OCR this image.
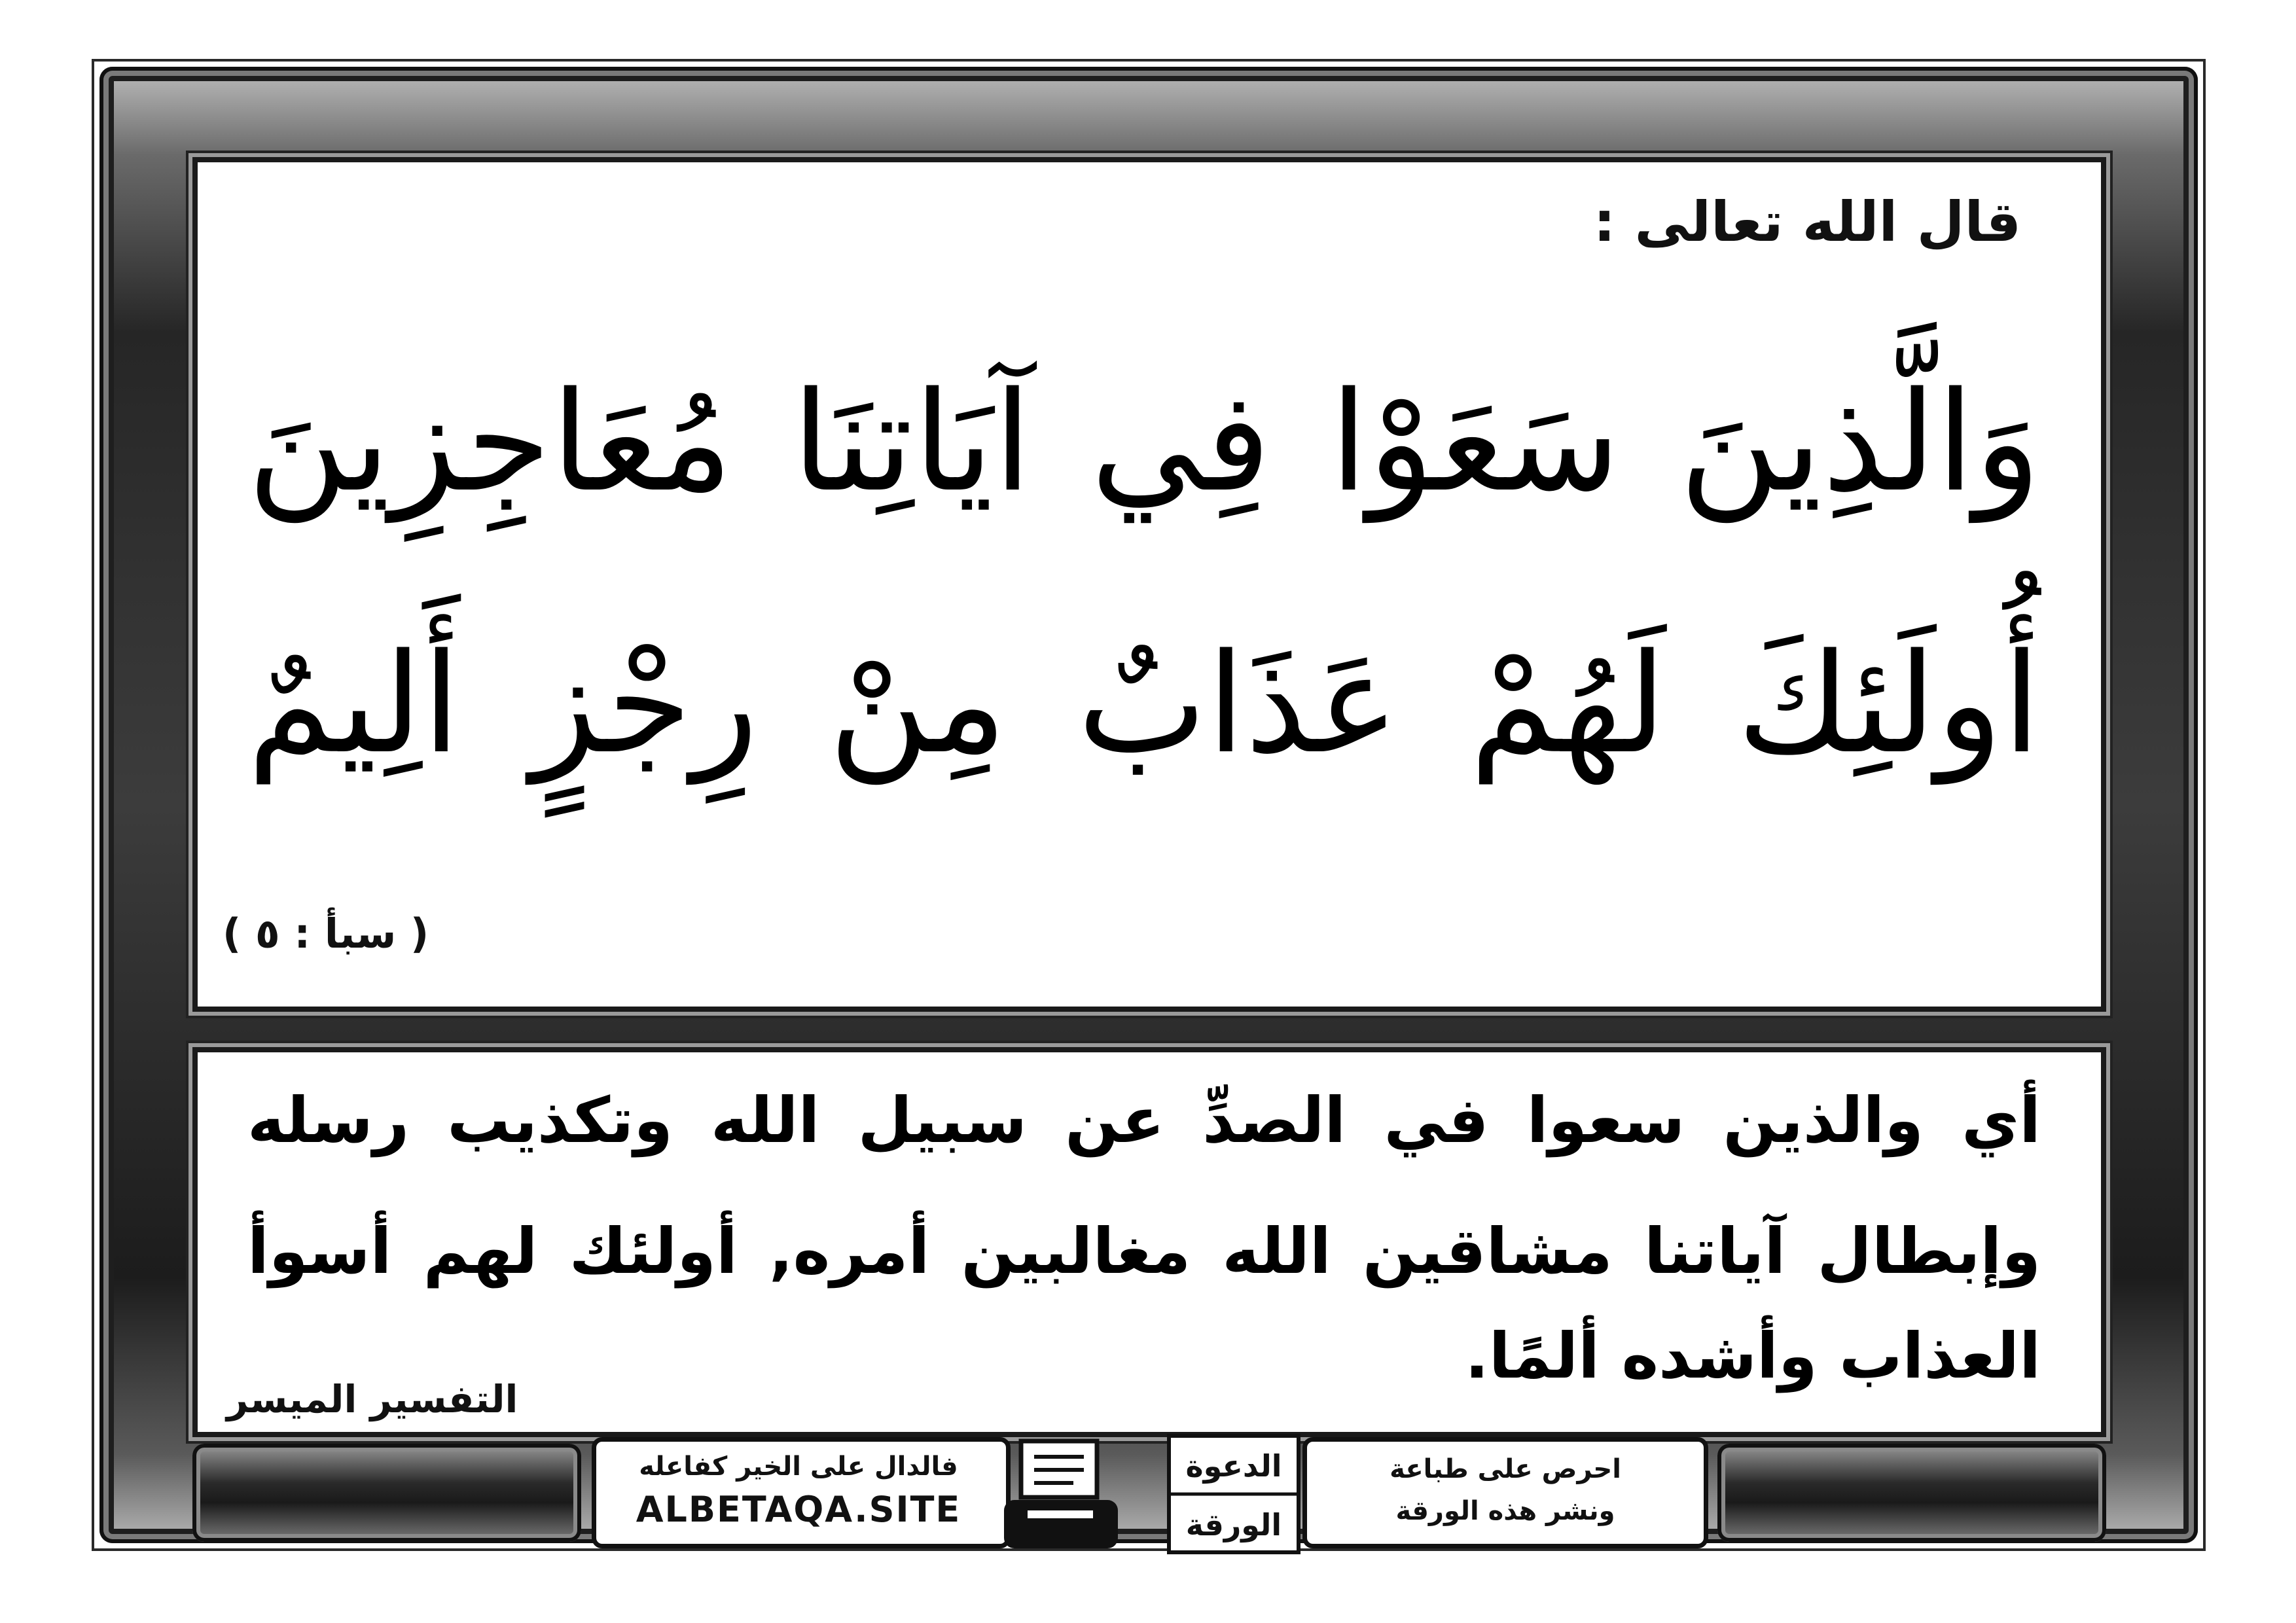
قال الله تعالى :
وَالَّذِينَ سَعَوْا فِي آيَاتِنَا مُعَاجِزِينَ
أُولَئِكَ لَهُمْ عَذَابٌ مِنْ رِجْزٍ أَلِيمٌ
( سبأ : ٥ )
أي والذين سعوا في الصدِّ عن سبيل الله وتكذيب رسله
وإبطال آياتنا مشاقين الله مغالبين أمره, أولئك لهم أسوأ
العذاب وأشده ألمًا.
التفسير الميسر
فالدال على الخير كفاعله
ALBETAQA.SITE
الدعوة
الورقة
احرص على طباعة
ونشر هذه الورقة
